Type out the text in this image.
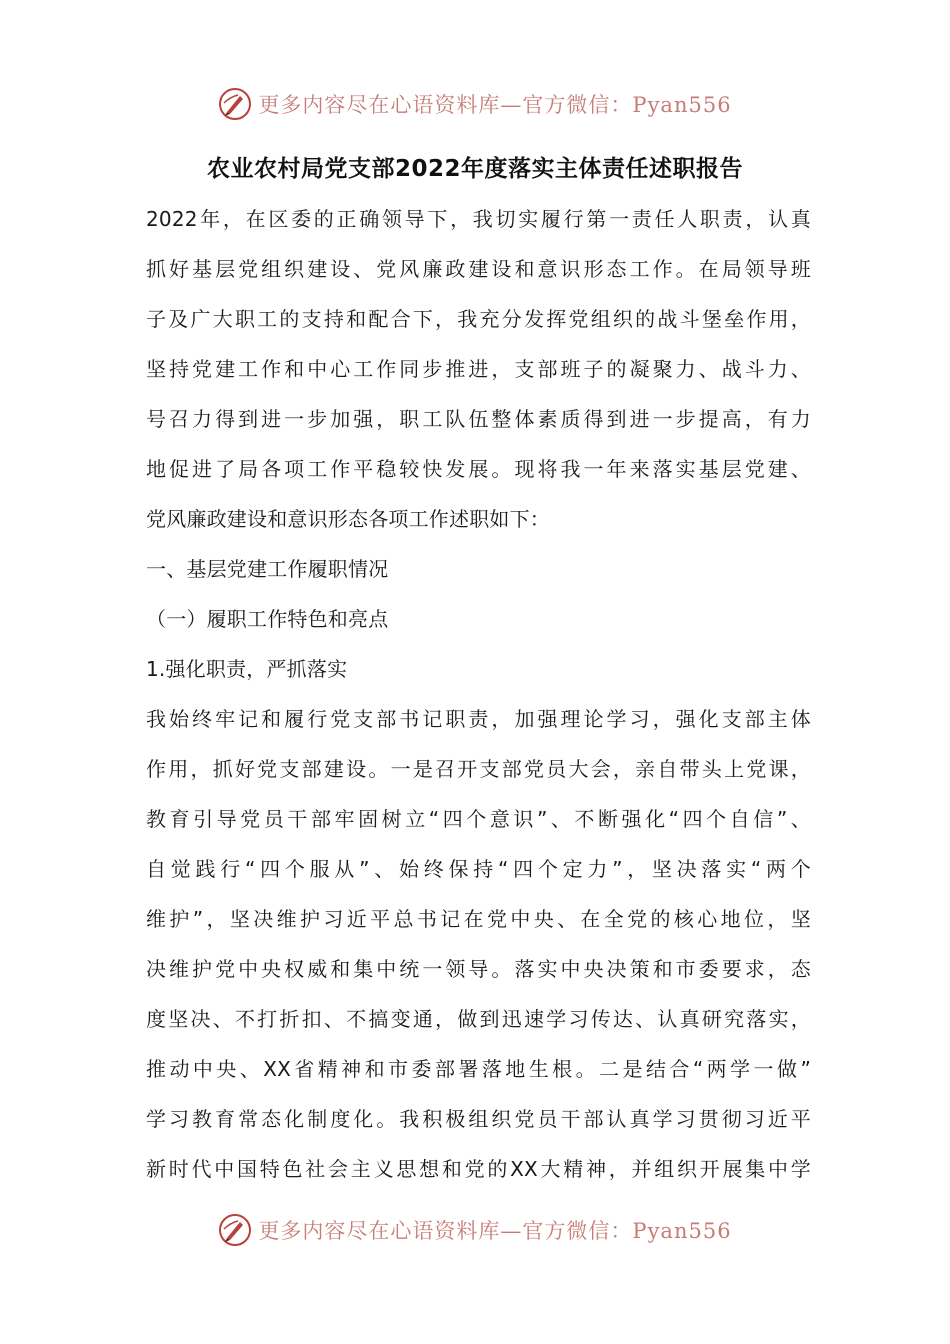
更多内容尽在心语资料库—官方微信：Pyan556
农业农村局党支部2022年度落实主体责任述职报告
2022年，在区委的正确领导下，我切实履行第一责任人职责，认真
抓好基层党组织建设、党风廉政建设和意识形态工作。在局领导班
子及广大职工的支持和配合下，我充分发挥党组织的战斗堡垒作用，
坚持党建工作和中心工作同步推进，支部班子的凝聚力、战斗力、
号召力得到进一步加强，职工队伍整体素质得到进一步提高，有力
地促进了局各项工作平稳较快发展。现将我一年来落实基层党建、
党风廉政建设和意识形态各项工作述职如下：
一、基层党建工作履职情况
（一）履职工作特色和亮点
1.强化职责，严抓落实
我始终牢记和履行党支部书记职责，加强理论学习，强化支部主体
作用，抓好党支部建设。一是召开支部党员大会，亲自带头上党课，
教育引导党员干部牢固树立“四个意识”、不断强化“四个自信”、
自觉践行“四个服从”、始终保持“四个定力”，坚决落实“两个
维护”，坚决维护习近平总书记在党中央、在全党的核心地位，坚
决维护党中央权威和集中统一领导。落实中央决策和市委要求，态
度坚决、不打折扣、不搞变通，做到迅速学习传达、认真研究落实，
推动中央、XX省精神和市委部署落地生根。二是结合“两学一做”
学习教育常态化制度化。我积极组织党员干部认真学习贯彻习近平
新时代中国特色社会主义思想和党的XX大精神，并组织开展集中学
更多内容尽在心语资料库—官方微信：Pyan556
